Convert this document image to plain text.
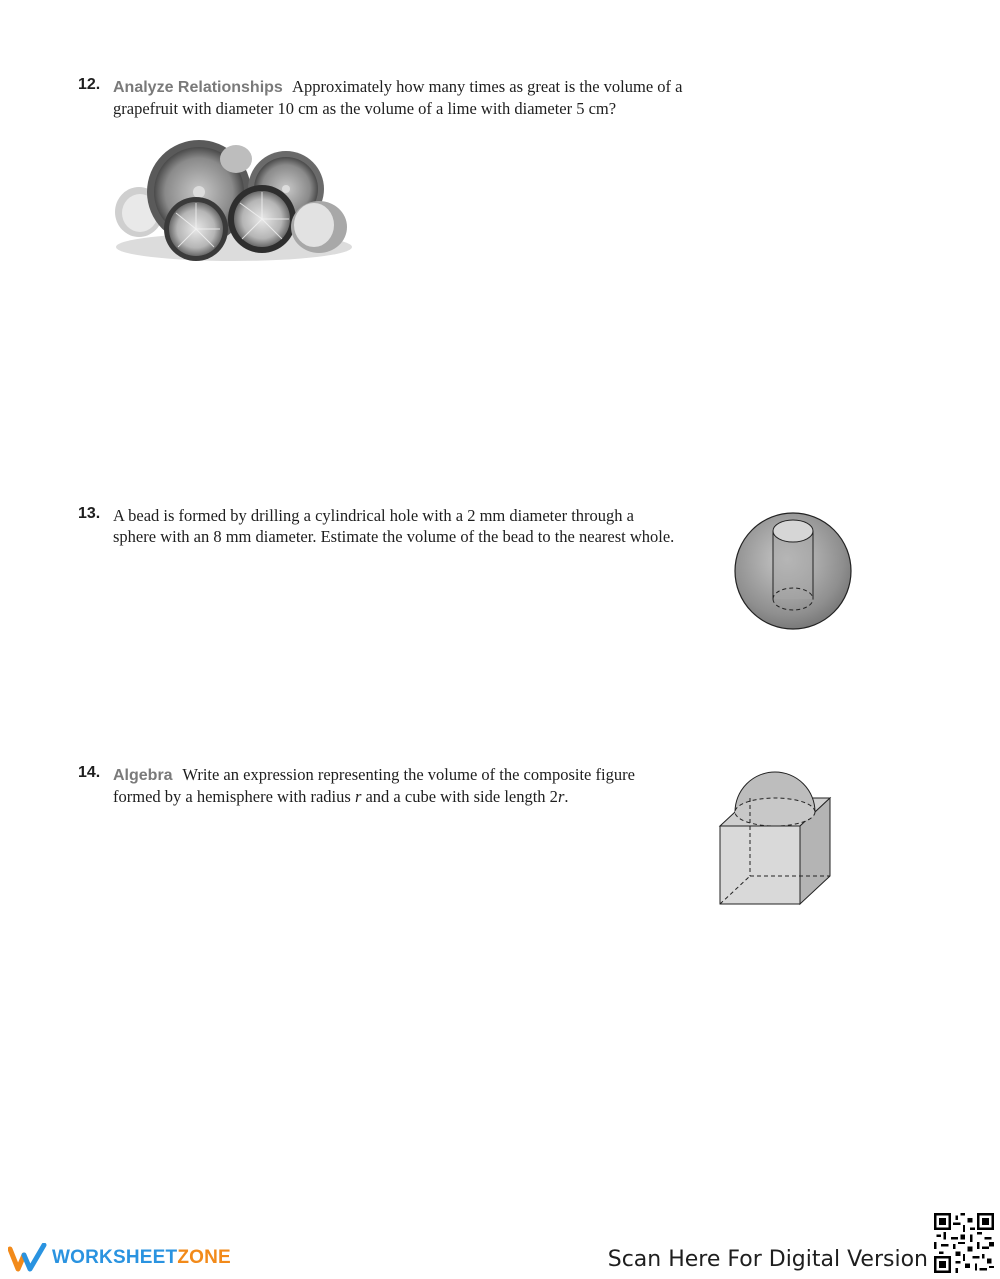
12. Analyze Relationships Approximately how many times as great is the volume of a
grapefruit with diameter 10 cm as the volume of a lime with diameter 5 cm?
13. A bead is formed by drilling a cylindrical hole with a 2 mm diameter through a
sphere with an 8 mm diameter. Estimate the volume of the bead to the nearest whole.
14. Algebra Write an expression representing the volume of the composite figure
formed by a hemisphere with radius r and a cube with side length 2r.
WORKSHEETZONE	Scan Here For Digital Version
